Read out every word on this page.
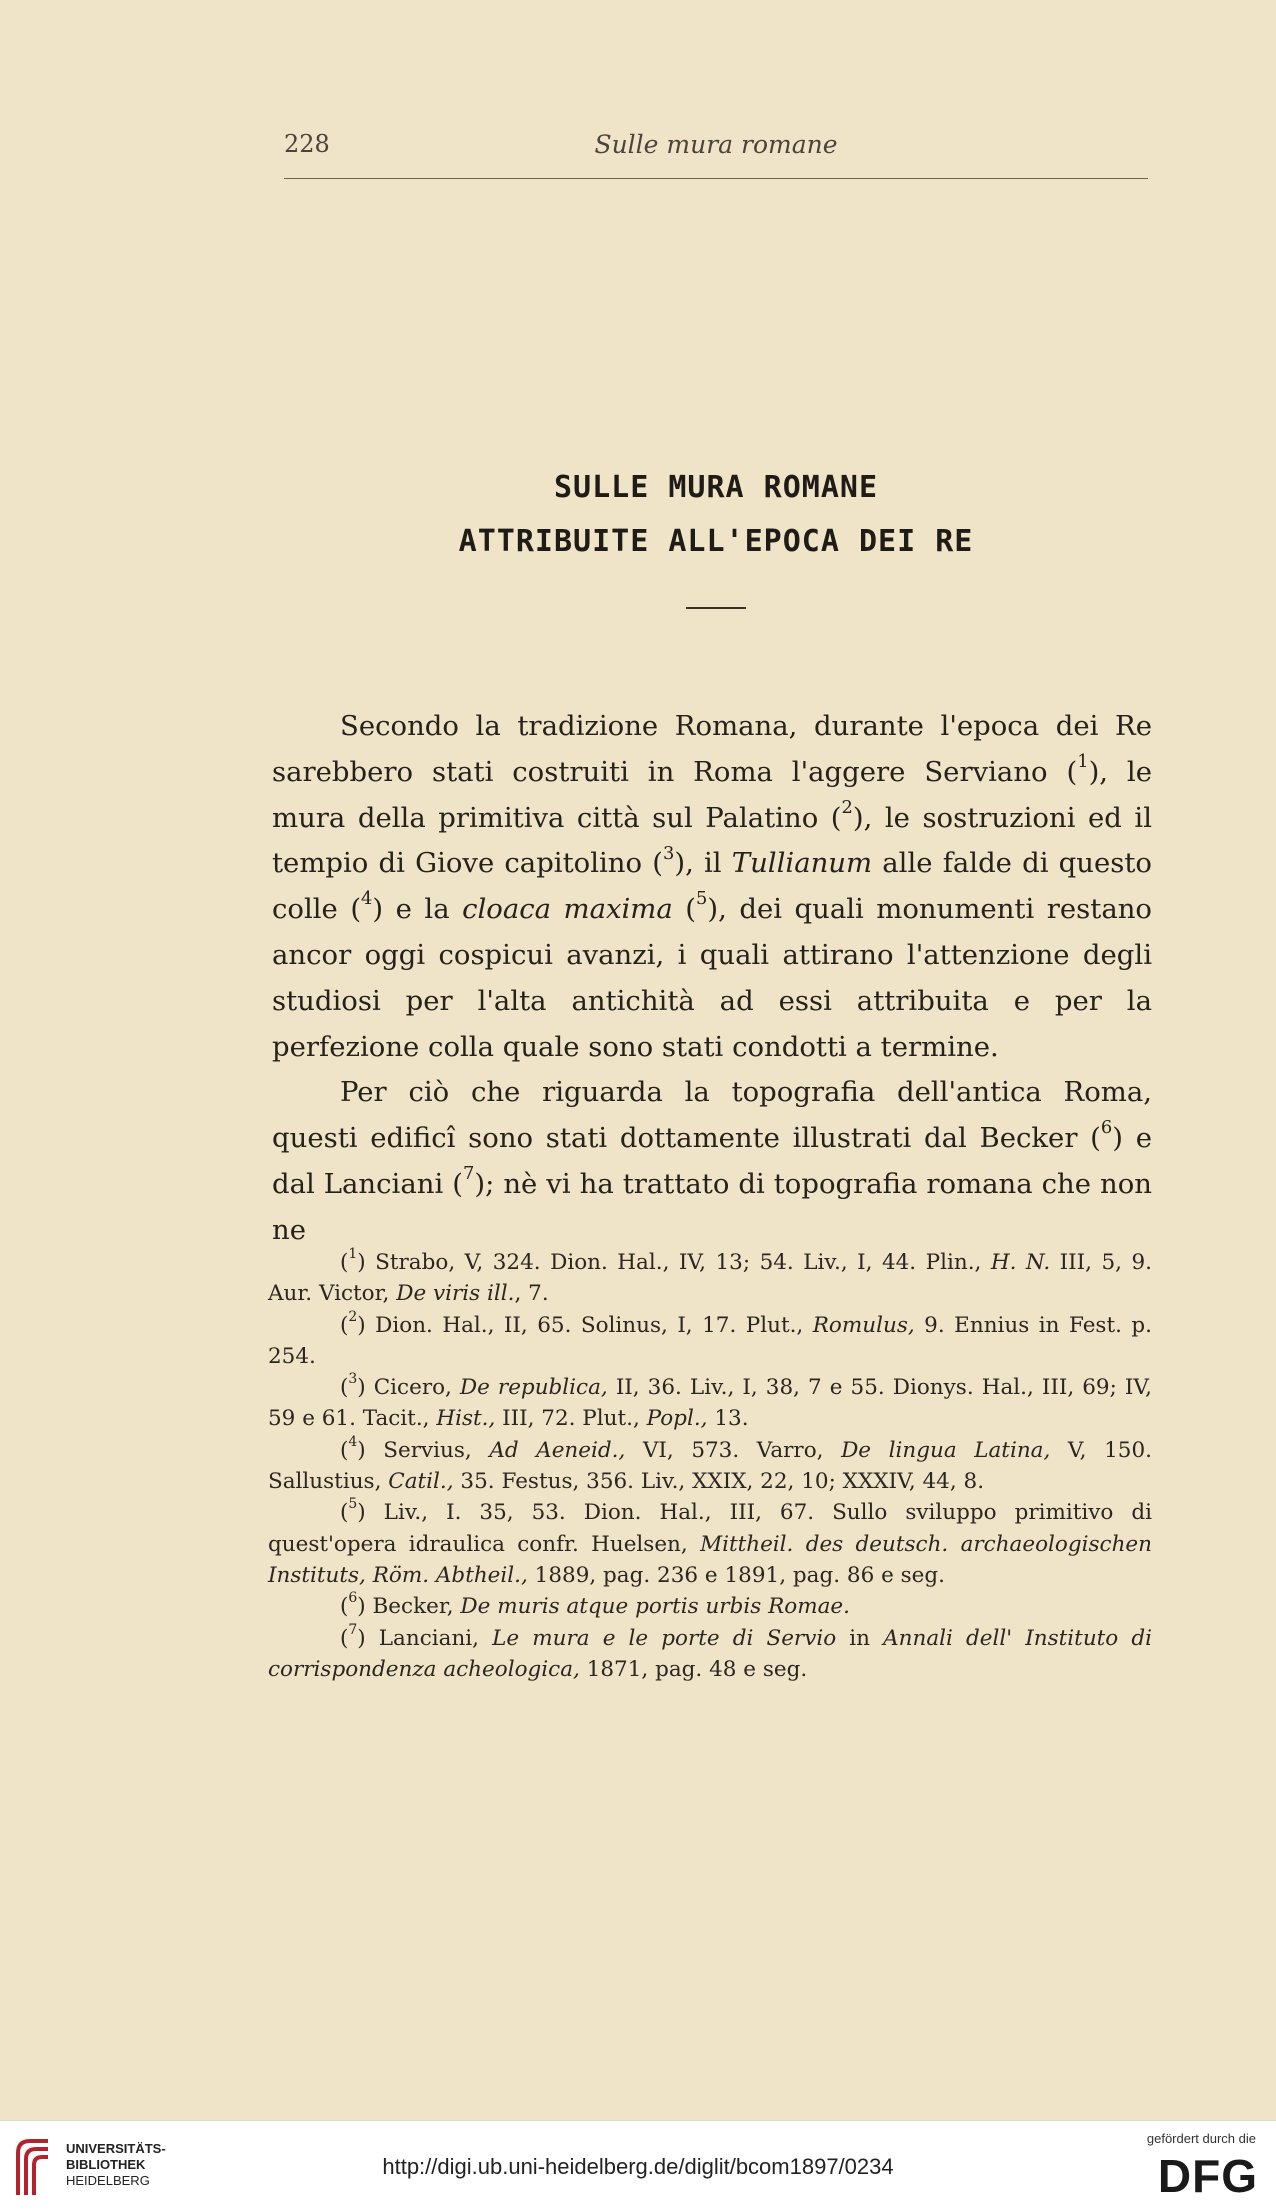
228	Sulle mura romane
SULLE MURA ROMANE
ATTRIBUITE ALL'EPOCA DEI RE

Secondo la tradizione Romana, durante l'epoca dei Re sarebbero stati costruiti in Roma l'aggere Serviano ($^1$), le mura della primitiva città sul Palatino ($^2$), le sostruzioni ed il tempio di Giove capitolino ($^3$), il Tullianum alle falde di questo colle ($^4$) e la cloaca maxima ($^5$), dei quali monumenti restano ancor oggi cospicui avanzi, i quali attirano l'attenzione degli studiosi per l'alta antichità ad essi attribuita e per la perfezione colla quale sono stati condotti a termine.

Per ciò che riguarda la topografia dell'antica Roma, questi edificî sono stati dottamente illustrati dal Becker ($^6$) e dal Lanciani ($^7$); nè vi ha trattato di topografia romana che non ne

($^1$) Strabo, V, 324. Dion. Hal., IV, 13; 54. Liv., I, 44. Plin., H. N. III, 5, 9. Aur. Victor, De viris ill., 7.

($^2$) Dion. Hal., II, 65. Solinus, I, 17. Plut., Romulus, 9. Ennius in Fest. p. 254.

($^3$) Cicero, De republica, II, 36. Liv., I, 38, 7 e 55. Dionys. Hal., III, 69; IV, 59 e 61. Tacit., Hist., III, 72. Plut., Popl., 13.

($^4$) Servius, Ad Aeneid., VI, 573. Varro, De lingua Latina, V, 150. Sallustius, Catil., 35. Festus, 356. Liv., XXIX, 22, 10; XXXIV, 44, 8.

($^5$) Liv., I. 35, 53. Dion. Hal., III, 67. Sullo sviluppo primitivo di quest'opera idraulica confr. Huelsen, Mittheil. des deutsch. archaeologischen Instituts, Röm. Abtheil., 1889, pag. 236 e 1891, pag. 86 e seg.

($^6$) Becker, De muris atque portis urbis Romae.

($^7$) Lanciani, Le mura e le porte di Servio in Annali dell' Instituto di corrispondenza acheologica, 1871, pag. 48 e seg.

UNIVERSITÄTS-
BIBLIOTHEK
HEIDELBERG
http://digi.ub.uni-heidelberg.de/diglit/bcom1897/0234
gefördert durch die
DFG
